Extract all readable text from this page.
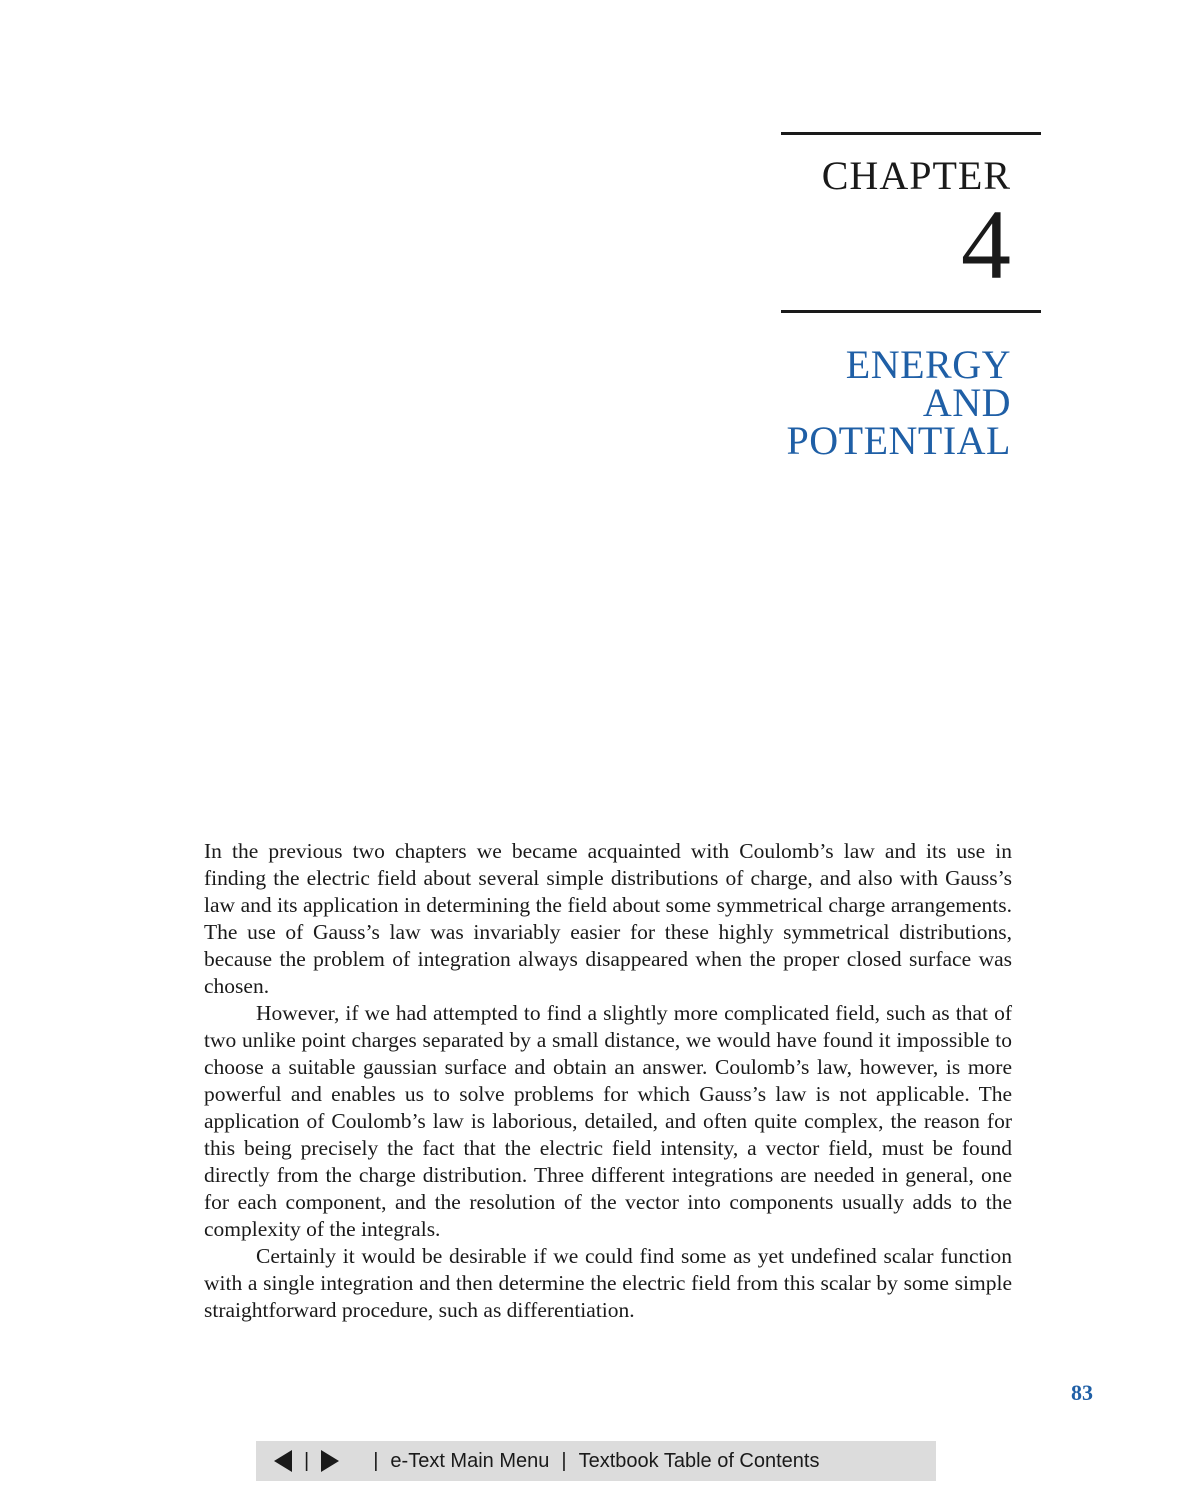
CHAPTER
4
ENERGY
AND
POTENTIAL

In the previous two chapters we became acquainted with Coulomb’s law and its use in finding the electric field about several simple distributions of charge, and also with Gauss’s law and its application in determining the field about some symmetrical charge arrangements. The use of Gauss’s law was invariably easier for these highly symmetrical distributions, because the problem of integration always disappeared when the proper closed surface was chosen.

However, if we had attempted to find a slightly more complicated field, such as that of two unlike point charges separated by a small distance, we would have found it impossible to choose a suitable gaussian surface and obtain an answer. Coulomb’s law, however, is more powerful and enables us to solve problems for which Gauss’s law is not applicable. The application of Coulomb’s law is laborious, detailed, and often quite complex, the reason for this being precisely the fact that the electric field intensity, a vector field, must be found directly from the charge distribution. Three different integrations are needed in general, one for each component, and the resolution of the vector into components usually adds to the complexity of the integrals.

Certainly it would be desirable if we could find some as yet undefined scalar function with a single integration and then determine the electric field from this scalar by some simple straightforward procedure, such as differentiation.

83
|	| e-Text Main Menu | Textbook Table of Contents
